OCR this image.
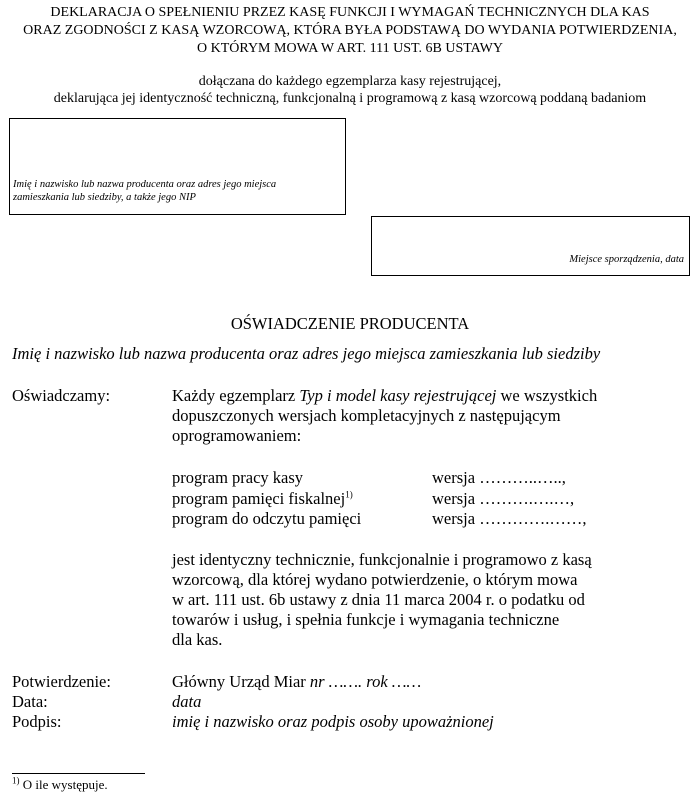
DEKLARACJA O SPEŁNIENIU PRZEZ KASĘ FUNKCJI I WYMAGAŃ TECHNICZNYCH DLA KAS
ORAZ ZGODNOŚCI Z KASĄ WZORCOWĄ, KTÓRA BYŁA PODSTAWĄ DO WYDANIA POTWIERDZENIA,
O KTÓRYM MOWA W ART. 111 UST. 6B USTAWY
dołączana do każdego egzemplarza kasy rejestrującej,
deklarująca jej identyczność techniczną, funkcjonalną i programową z kasą wzorcową poddaną badaniom
Imię i nazwisko lub nazwa producenta oraz adres jego miejsca
zamieszkania lub siedziby, a także jego NIP
Miejsce sporządzenia, data
OŚWIADCZENIE PRODUCENTA
Imię i nazwisko lub nazwa producenta oraz adres jego miejsca zamieszkania lub siedziby
Oświadczamy:	Każdy egzemplarz Typ i model kasy rejestrującej we wszystkich
dopuszczonych wersjach kompletacyjnych z następującym
oprogramowaniem:
program pracy kasy	wersja ………..…..,
program pamięci fiskalnej$^{1)}$	wersja ……….….…,
program do odczytu pamięci	wersja ………….……,
jest identyczny technicznie, funkcjonalnie i programowo z kasą
wzorcową, dla której wydano potwierdzenie, o którym mowa
w art. 111 ust. 6b ustawy z dnia 11 marca 2004 r. o podatku od
towarów i usług, i spełnia funkcje i wymagania techniczne
dla kas.
Potwierdzenie:	Główny Urząd Miar nr ……. rok ……
Data:	data
Podpis:	imię i nazwisko oraz podpis osoby upoważnionej
$^{1)}$ O ile występuje.
